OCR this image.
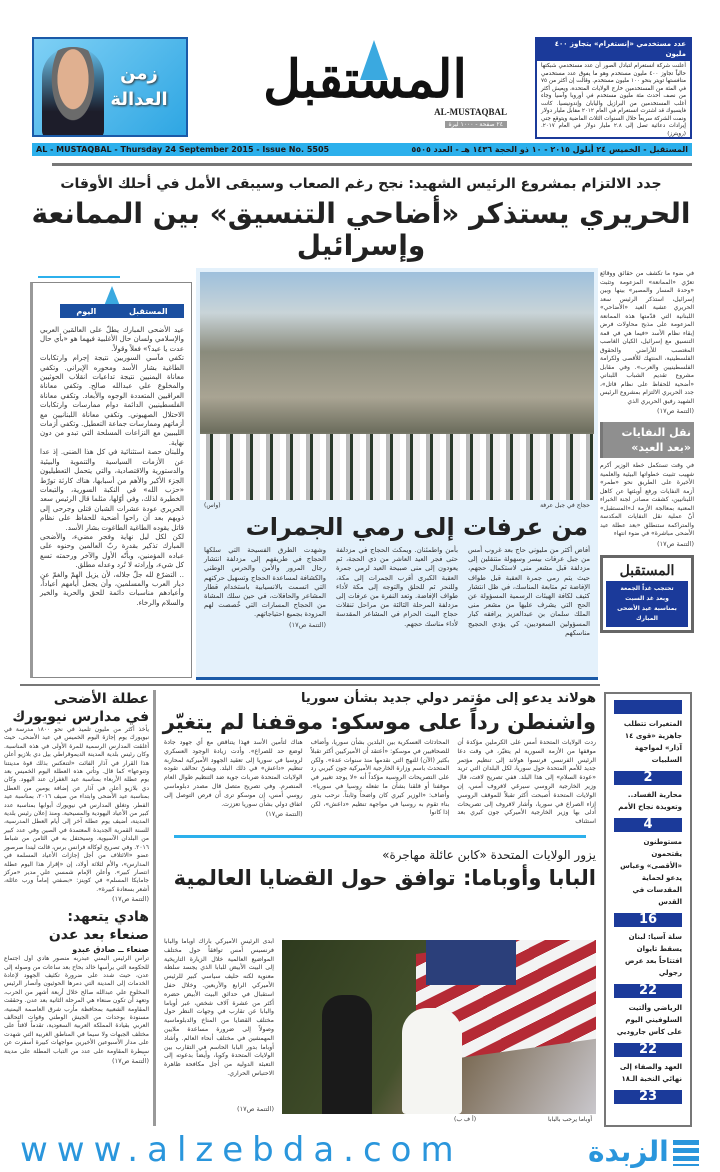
زمن العدالة	المستقبل
AL-MUSTAQBAL
٢٤ صفحة - ١٠٠٠ ليرة
عدد مستخدمي «إنستغرام» يتجاوز ٤٠٠ مليون
أعلنت شركة انستغرام لتبادل الصور أن عدد مستخدمي شبكتها حالياً تجاوز ٤٠٠ مليون مستخدم وهو ما يفوق عدد مستخدمي منافستها تويتر بنحو ١٠٠ مليون مستخدم. وقالت إن أكثر من ٧٥ في المئة من المستخدمين خارج الولايات المتحدة، ويعيش أكثر من نصف أحدث مئة مليون مستخدم في أوروبا وآسيا وجاء أغلب المستخدمين من البرازيل واليابان وإندونيسيا. كانت فايسبوك قد اشترت انستغرام في العام ٢٠١٢ مقابل مليار دولار ونمت الشركة سريعاً خلال السنوات الثلاث الماضية ويتوقع جني إيرادات دعائية تصل إلى ٢.٨ مليار دولار في العام ٢٠١٧. (رويترز)
AL - MUSTAQBAL - Thursday 24 September 2015 - Issue No. 5505	المستقبل - الخميس ٢٤ أيلول ٢٠١٥ - ١٠ ذو الحجة ١٤٣٦ هـ - العدد ٥٥٠٥
جدد الالتزام بمشروع الرئيس الشهيد: نجح رغم الصعاب وسيبقى الأمل في أحلك الأوقات
الحريري يستذكر «أضاحي التنسيق» بين الممانعة وإسرائيل
اليوم	المستقبل

عيد الأضحى المبارك يطلّ على العالمَين العربي والإسلامي ولسان حال الأغلبية فيهما هو «بأي حال عدت يا عيد؟» فعلاً وقولاً.

تكفي مآسي السوريين نتيجة إجرام وارتكابات الطاغية بشار الأسد ومحوره الإيراني. وتكفي معاناة اليمنيين نتيجة تداعيات انقلاب الحوثيين والمخلوع علي عبدالله صالح. وتكفي معاناة العراقيين المتعددة الوجوه والأبعاد. وتكفي معاناة الفلسطينيين الدائمة دوام ممارسات وارتكابات الاحتلال الصهيوني. وتكفي معاناة اللبنانيين مع أزماتهم وممارسات جماعة التعطيل. وتكفي أزمات الليبيين مع النزاعات المسلحة التي تبدو من دون نهاية.

وللبنان حصة استثنائية في كل هذا الضنى. إذ عدا عن الأزمات السياسية والتنموية والبيئية والدستورية والاقتصادية، والتي يتحمل التعطيليون الجزء الأكبر والأهم من أسبابها، هناك كارثة تورّط «حزب الله» في النكبة السورية، والتبعات الخطيرة لذلك، وفي أوّلها، مثلما قال الرئيس سعد الحريري عودة عشرات الشبان قتلى وجرحى إلى ذويهم بعد أن راحوا أضحية للحفاظ على نظام قاتل يقوده الطاغية الطاغوت بشار الأسد.

لكن لكل ليل نهاية وفجر مضيء، والأضحى المبارك تذكير بقدرة ربّ العالمين وحنوه على عباده المؤمنين، وبأنّه الأول والآخر ورحمته تسع كل شيء، وإرادته لا تُرد وعدله مطلق.

.. التضرّع لله جلّ جلاله، لأن يزيل الهمّ والغمّ عن ديار العرب والمسلمين، وأن يجعل أيامهم أعياداً، وأعيادهم مناسبات دائمة للحق والحرية والخير والسلام والرخاء.

حجاج في جبل عرفة
(واس)
من عرفات إلى رمي الجمرات
أفاض أكثر من مليوني حاج بعد غروب أمس من جبل عرفات بيسر وسهولة متنقلين إلى مزدلفة قبل مشعر منى لاستكمال حجهم، حيث يتم رمي جمرة العقبة قبل طواف الإفاضة ثم متابعة المناسك، في ظل انتشار كثيف لكافة الهيئات الرسمية المسؤولة عن الحج التي يشرف عليها من مشعر منى الملك سلمان بن عبدالعزيز يرافقه كبار المسؤولين السعوديين، كي يؤدي الحجيج مناسكهم
بأمن واطمئنان. ويمكث الحجاج في مزدلفة حتى فجر العيد العاشر من ذي الحجة، ثم يعودون إلى منى صبيحة العيد لرمي جمرة العقبة الكبرى أقرب الجمرات إلى مكة، وللنحر ثم للحلق والتوجه إلى مكة لأداء طواف الإفاضة. وتعد النفرة من عرفات إلى مزدلفة المرحلة الثالثة من مراحل تنقلات حجاج البيت الحرام في المشاعر المقدسة لأداء مناسك حجهم.
وشهدت الطرق الفسيحة التي سلكها الحجاج في طريقهم إلى مزدلفة انتشار رجال المرور والأمن والحرس الوطني والكشافة لمساعدة الحجاج وتسهيل حركتهم التي اتسمت بالانسيابية باستخدام قطار المشاعر والحافلات، في حين سلك المشاة من الحجاج المسارات التي خُصصت لهم المزودة بجميع احتياجاتهم.
(التتمة ص١٧)
في ضوء ما تكشف من حقائق ووقائع تعرّي «الممانعة» المزعومة وتثبت «وحدة المسار والمصير» بينها وبين إسرائيل، استذكر الرئيس سعد الحريري عشية العيد «الأضاحي» اللبنانية التي قدّمتها هذه الممانعة المزعومة على مذبح محاولات فرض إبقاء نظام الأسد «فيما هي في قمة التنسيق مع إسرائيل، الكيان الغاصب المغتصب للأراضي والحقوق الفلسطينية، المنتهك للأقصى ولكرامة الفلسطينيين والعرب». وفي مقابل مشروع تقديم الشباب اللبناني «أضحية للحفاظ على نظام قاتل»، جدد الحريري الالتزام بمشروع الرئيس الشهيد رفيق الحريري الذي
(التتمة ص١٧)
نقل النفايات «بعد العيد»
في وقت تستكمل خطة الوزير أكرم شهيب تثبيت خطواتها البيئية والعلمية الأخيرة على الطريق نحو «طمر» أزمة النفايات ورفع أوبئتها عن كاهل اللبنانيين، كشفت مصادر لجنة الخبراء المعنية بمعالجة الأزمة لـ«المستقبل» أنّ عملية نقل النفايات المكدسة والمتراكمة ستنطلق «بعد عطلة عيد الأضحى مباشرة» في ضوء انتهاء
(التتمة ص١٧)
المستقبل
تحتجب غداً الجمعة
وبعد غد السبت
بمناسبة عيد الأضحى المبارك
عطلة الأضحى
في مدارس نيويورك
يأخذ أكثر من مليون تلميذ في نحو ١٨٠٠ مدرسة في نيويورك يوم إجازة اليوم الخميس في عيد الأضحى، حيث أغلقت المدارس الرسمية للمرة الأولى في هذه المناسبة. وكان رئيس بلدية المدينة الديموقراطي بيل دي بلازيو أعلن هذا القرار في آذار الفائت «لتنعكس بذلك قوة مدينتنا وتنوعها» كما قال. وتأتي هذه العطلة اليوم الخميس بعد يوم عطلة الأربعاء بمناسبة عيد الغفران عند اليهود. وكان دي بلازيو أعلن في آذار عن إضافة يومين من العطل بمناسبة عيد الأضحى وابتداء من صيف ٢٠١٦، بمناسبة عيد الفطر. وتغلق المدارس في نيويورك أبوابها بمناسبة عدد كبير من الأعياد اليهودية والمسيحية. ومنذ إعلان رئيس بلدية المدينة، أضيف يوم عطلة آخر إلى أيام العطل المدرسية، للسنة القمرية الجديدة المعتمدة في الصين وفي عدد كبير من البلدان الآسيوية. وسيحتفل به في الثامن من شباط ٢٠١٦. وفي تصريح لوكالة فرانس برس، قالت ليندا صرصور عضو «الائتلاف من أجل إجازات الأعياد المسلمة في المدارس»، والأم لثلاثة أولاد، إن «إقرار هذا اليوم عطلة انتصار كبير». وأعلن الإمام شمسي علي مدير «مركز جامايكا المسلم» في كوينز: «بصفتي إماماً ورب عائلة، أشعر بسعادة كبيرة».
(التتمة ص١٧)
هادي يتعهد:
صنعاء بعد عدن
صنعاء ــ صادق عبدو
ترأس الرئيس اليمني عبدربه منصور هادي أول اجتماع للحكومة التي يرأسها خالد بحاح بعد ساعات من وصوله إلى عدن، حيث شدد على ضرورة تكثيف الجهود لإعادة الخدمات إلى المدينة التي دمرها الحوثيون وأنصار الرئيس المخلوع علي عبدالله صالح خلال أربعة أشهر من الحرب، وتعهد أن تكون صنعاء هي المرحلة الثانية بعد عدن. وحققت المقاومة الشعبية بمحافظة مأرب شرق العاصمة اليمنية، مسنودة بوحدات من الجيش الوطني وقوات التحالف العربي بقيادة المملكة العربية السعودية، تقدماً لافتاً على مختلف الجبهات ولا سيما في المناطق الغربية التي شهدت على مدار الأسبوعين الأخيرين مواجهات كبيرة أسفرت عن سيطرة المقاومة على عدد من التباب المطلة على مدينة
(التتمة ص١٧)
هولاند يدعو إلى مؤتمر دولي جديد بشأن سوريا
واشنطن رداً على موسكو: موقفنا لم يتغيّر
ردت الولايات المتحدة أمس على الكرملين مؤكدة أن موقفها من الأزمة السورية لم يتغيّر، في وقت دعا الرئيس الفرنسي فرنسوا هولاند إلى تنظيم مؤتمر جديد للأمم المتحدة حول سوريا، لكل البلدان التي تريد «عودة السلام» إلى هذا البلد. ففي تصريح لافت، قال وزير الخارجية الروسي سيرغي لافروف أمس، إن الولايات المتحدة أصبحت أكثر تقبلاً للموقف الروسي إزاء الصراع في سوريا، وأشار لافروف إلى تصريحات أدلى بها وزير الخارجية الأميركي جون كيري بعد استئناف
المحادثات العسكرية بين البلدين بشأن سوريا، وأضاف للصحافيين في موسكو: «أعتقد أن الأميركيين أكثر تقبلاً بكثير (الآن) للنهج التي نقدمها منذ سنوات عدة». ولكن المتحدث باسم وزارة الخارجية الأميركية جون كيربي رد على التصريحات الروسية مؤكداً أنه «لا يوجد تغيير في موقفنا أو قلقنا بشأن ما تفعله روسيا في سوريا». وأضاف: «الوزير كيري كان واضحاً وثابتاً. نرحب بدور بناء تقوم به روسيا في مواجهة تنظيم «داعش»، لكن إذا كانوا
هناك لتأمين الأسد فهذا يتناقض مع أي جهود جادة لوضع حد للصراع». وأدت زيادة الوجود العسكري لروسيا في سوريا إلى تعقيد الجهود الأميركية لمحاربة تنظيم «داعش» في ذلك البلد. ويشنّ تحالف تقوده الولايات المتحدة ضربات جوية ضد التنظيم طوال العام المنصرم. وفي تصريح متصل قال مصدر دبلوماسي روسي أمس، إن موسكو ترى أن فرص التوصل إلى اتفاق دولي بشأن سوريا تعززت.
(التتمة ص١٧)
يزور الولايات المتحدة «كابن عائلة مهاجرة»
البابا وأوباما: توافق حول القضايا العالمية
أبدى الرئيس الأميركي باراك أوباما والبابا فرنسيس أمس توافقاً حول مختلف المواضيع العالمية خلال الزيارة التاريخية إلى البيت الأبيض للبابا الذي يجسد سلطة معنوية لكنه حليف سياسي كبير للرئيس الأميركي الرابع والأربعين. وخلال حفل استقبال في حدائق البيت الأبيض حضره أكثر من عشرة آلاف شخص، عبر أوباما والبابا عن تقارب في وجهات النظر حول مختلف القضايا من المناخ والدبلوماسية وصولاً إلى ضرورة مساعدة ملايين المهمشين في مختلف أنحاء العالم. وأشاد أوباما بدور البابا الحاسم في التقارب بين الولايات المتحدة وكوبا، وأيضاً بدعوته إلى التعبئة الدولية من أجل مكافحة ظاهرة الاحتباس الحراري.
(التتمة ص١٧)
أوباما يرحب بالبابا
(أ ف ب)
المتغيرات تتطلب جاهزية «قوى ١٤ آذار» لمواجهة السلبيات
2
محاربة الفساد.. وتعويذة نجاح الأمم
4
مستوطنون يقتحمون «الأقصى» وعباس يدعو لحماية المقدسات في القدس
16
سلة آسيا: لبنان يسقط تايوان افتتاحاً بعد عرض رجولي
22
الرياضي وألتيت السلوفيني اليوم على كأس جاروديي
22
العهد والصفاء إلى نهائي النخبة الـ١٨
23
www.alzebda.com	الزبدة
